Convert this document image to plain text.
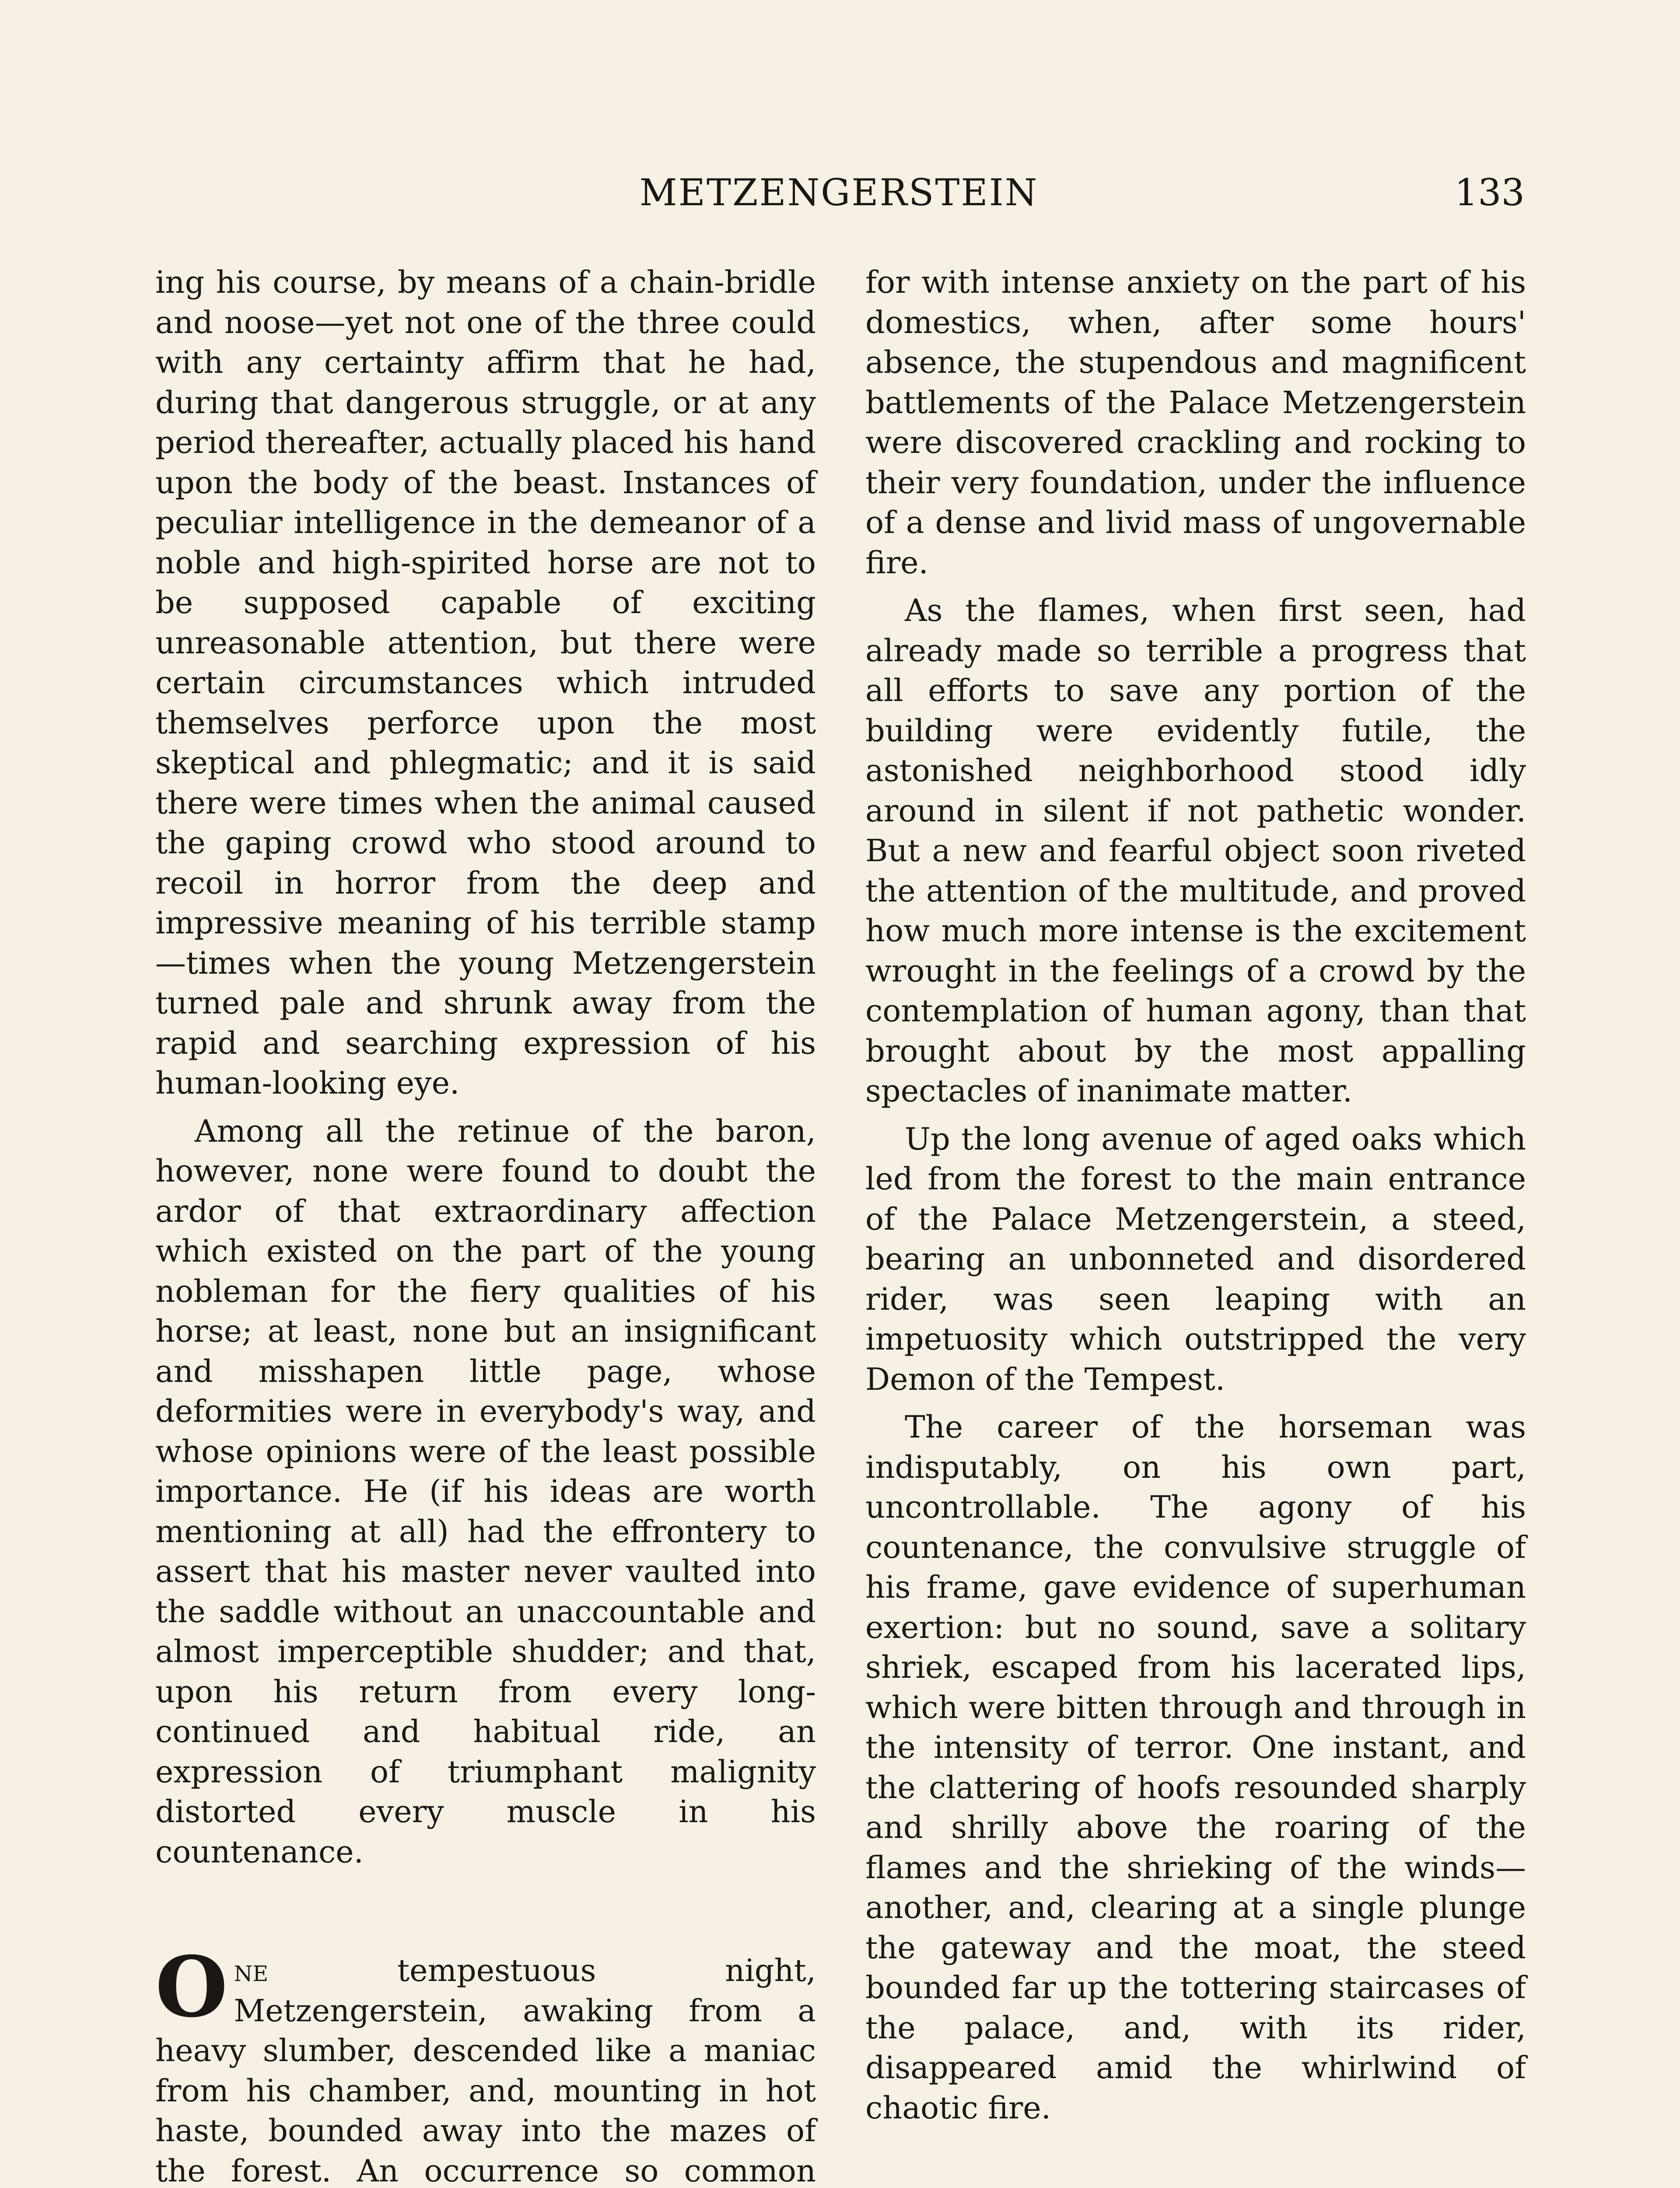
METZENGERSTEIN	133

ing his course, by means of a chain-bridle and noose—yet not one of the three could with any certainty affirm that he had, during that dangerous struggle, or at any period thereafter, actually placed his hand upon the body of the beast. Instances of peculiar intelligence in the demeanor of a noble and high-spirited horse are not to be supposed capable of exciting unreasonable attention, but there were certain circumstances which intruded themselves perforce upon the most skeptical and phlegmatic; and it is said there were times when the animal caused the gaping crowd who stood around to recoil in horror from the deep and impressive meaning of his terrible stamp—times when the young Metzengerstein turned pale and shrunk away from the rapid and searching expression of his human-looking eye.

Among all the retinue of the baron, however, none were found to doubt the ardor of that extraordinary affection which existed on the part of the young nobleman for the fiery qualities of his horse; at least, none but an insignificant and misshapen little page, whose deformities were in everybody's way, and whose opinions were of the least possible importance. He (if his ideas are worth mentioning at all) had the effrontery to assert that his master never vaulted into the saddle without an unaccountable and almost imperceptible shudder; and that, upon his return from every long-continued and habitual ride, an expression of triumphant malignity distorted every muscle in his countenance.

One	tempestuous night, Metzengerstein, awaking from a heavy slumber, descended like a maniac from his chamber, and, mounting in hot haste, bounded away into the mazes of the forest. An occurrence so common

for with intense anxiety on the part of his domestics, when, after some hours' absence, the stupendous and magnificent battlements of the Palace Metzengerstein were discovered crackling and rocking to their very foundation, under the influence of a dense and livid mass of ungovernable fire.

As the flames, when first seen, had already made so terrible a progress that all efforts to save any portion of the building were evidently futile, the astonished neighborhood stood idly around in silent if not pathetic wonder. But a new and fearful object soon riveted the attention of the multitude, and proved how much more intense is the excitement wrought in the feelings of a crowd by the contemplation of human agony, than that brought about by the most appalling spectacles of inanimate matter.

Up the long avenue of aged oaks which led from the forest to the main entrance of the Palace Metzengerstein, a steed, bearing an unbonneted and disordered rider, was seen leaping with an impetuosity which outstripped the very Demon of the Tempest.

The career of the horseman was indisputably, on his own part, uncontrollable. The agony of his countenance, the convulsive struggle of his frame, gave evidence of superhuman exertion: but no sound, save a solitary shriek, escaped from his lacerated lips, which were bitten through and through in the intensity of terror. One instant, and the clattering of hoofs resounded sharply and shrilly above the roaring of the flames and the shrieking of the winds—another, and, clearing at a single plunge the gateway and the moat, the steed bounded far up the tottering staircases of the palace, and, with its rider, disappeared amid the whirlwind of chaotic fire.
